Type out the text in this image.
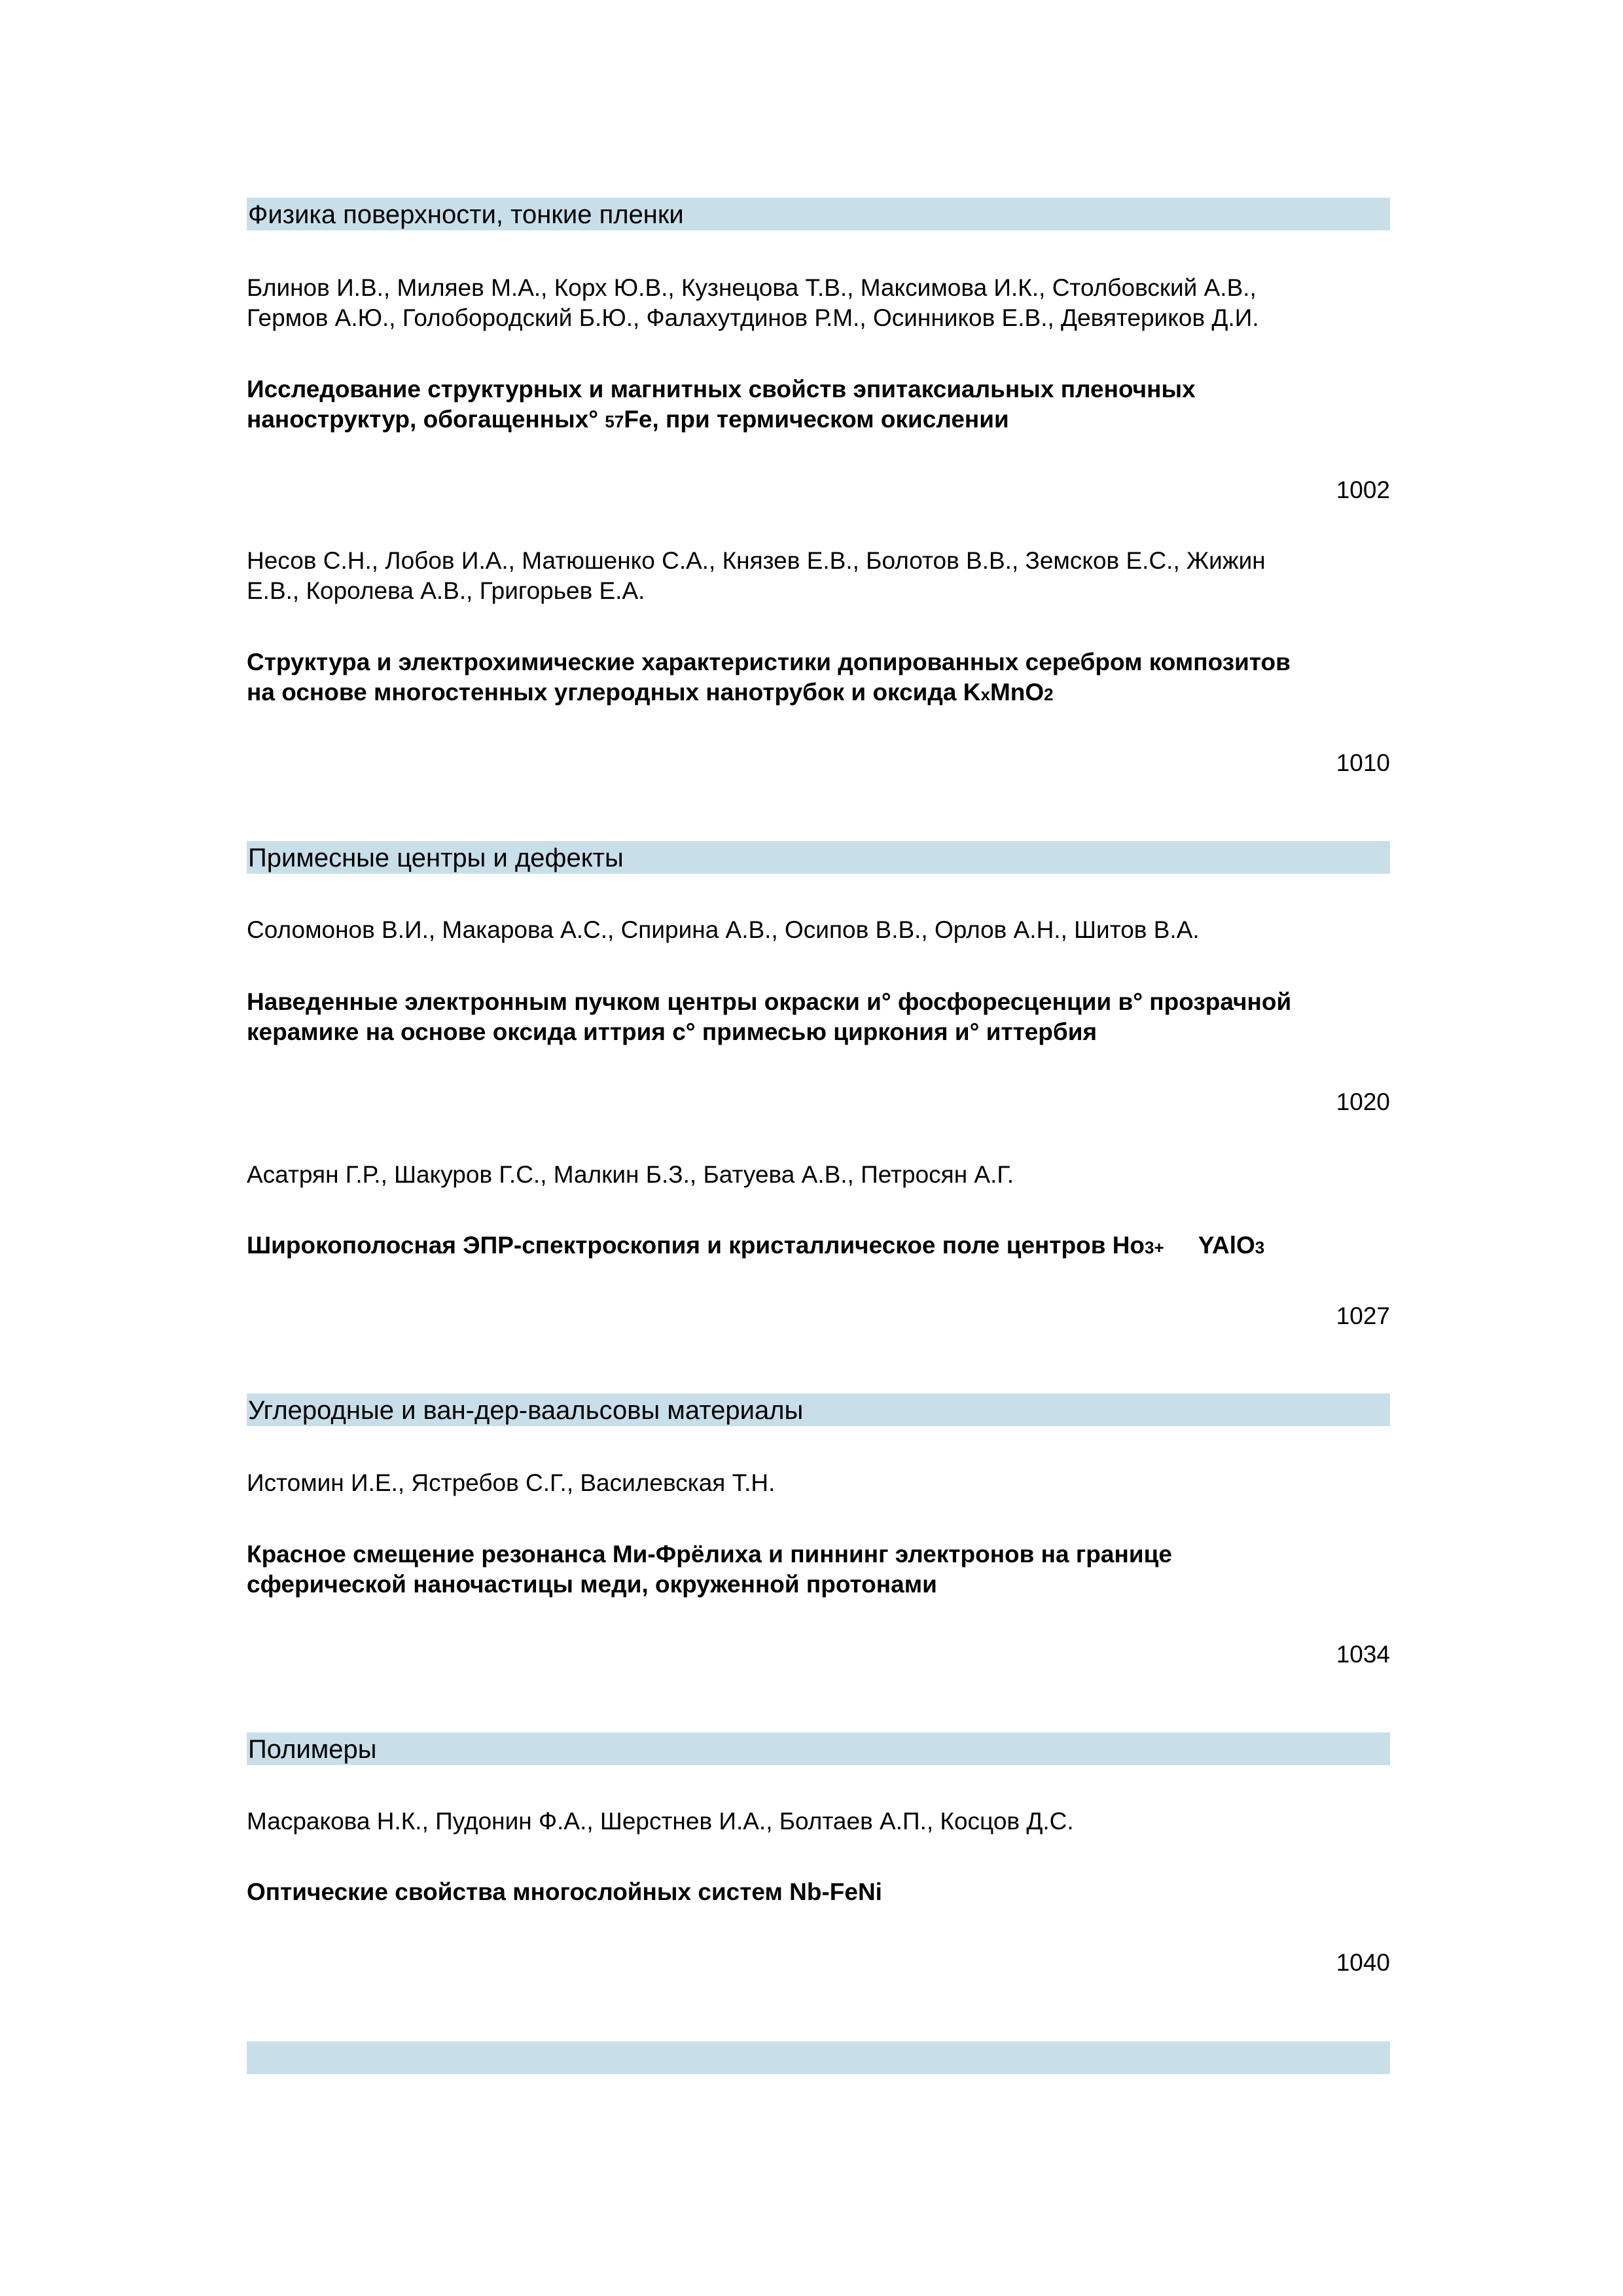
Физика поверхности, тонкие пленки
Блинов И.В., Миляев М.А., Корх Ю.В., Кузнецова Т.В., Максимова И.К., Столбовский А.В.,
Гермов А.Ю., Голобородский Б.Ю., Фалахутдинов Р.М., Осинников Е.В., Девятериков Д.И.
Исследование структурных и магнитных свойств эпитаксиальных пленочных
наноструктур, обогащенных° 57Fe, при термическом окислении
1002
Несов С.Н., Лобов И.А., Матюшенко С.А., Князев Е.В., Болотов В.В., Земсков Е.С., Жижин
Е.В., Королева А.В., Григорьев Е.А.
Структура и электрохимические характеристики допированных серебром композитов
на основе многостенных углеродных нанотрубок и оксида KxMnO2
1010
Примесные центры и дефекты
Соломонов В.И., Макарова А.С., Спирина А.В., Осипов В.В., Орлов А.Н., Шитов В.А.
Наведенные электронным пучком центры окраски и° фосфоресценции в° прозрачной
керамике на основе оксида иттрия с° примесью циркония и° иттербия
1020
Асатрян Г.Р., Шакуров Г.С., Малкин Б.З., Батуева А.В., Петросян А.Г.
Широкополосная ЭПР-спектроскопия и кристаллическое поле центров Ho3+ YAlO3
1027
Углеродные и ван-дер-ваальсовы материалы
Истомин И.Е., Ястребов С.Г., Василевская Т.Н.
Красное смещение резонанса Ми-Фрёлиха и пиннинг электронов на границе
сферической наночастицы меди, окруженной протонами
1034
Полимеры
Масракова Н.К., Пудонин Ф.А., Шерстнев И.А., Болтаев А.П., Косцов Д.С.
Оптические свойства многослойных систем Nb-FeNi
1040
